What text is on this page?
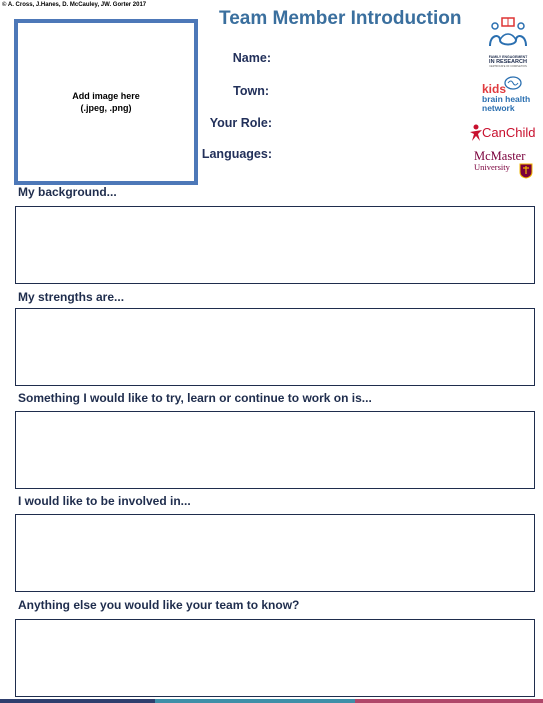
© A. Cross, J.Hanes, D. McCauley, JW. Gorter 2017
Team Member Introduction
Add image here
(.jpeg, .png)
Name:
Town:
Your Role:
Languages:
FAMILY ENGAGEMENT
IN RESEARCH
CERTIFICATE OF COMPLETION
kids
brain health
network
CanChild
McMaster
University
My background...
My strengths are...
Something I would like to try, learn or continue to work on is...
I would like to be involved in...
Anything else you would like your team to know?
